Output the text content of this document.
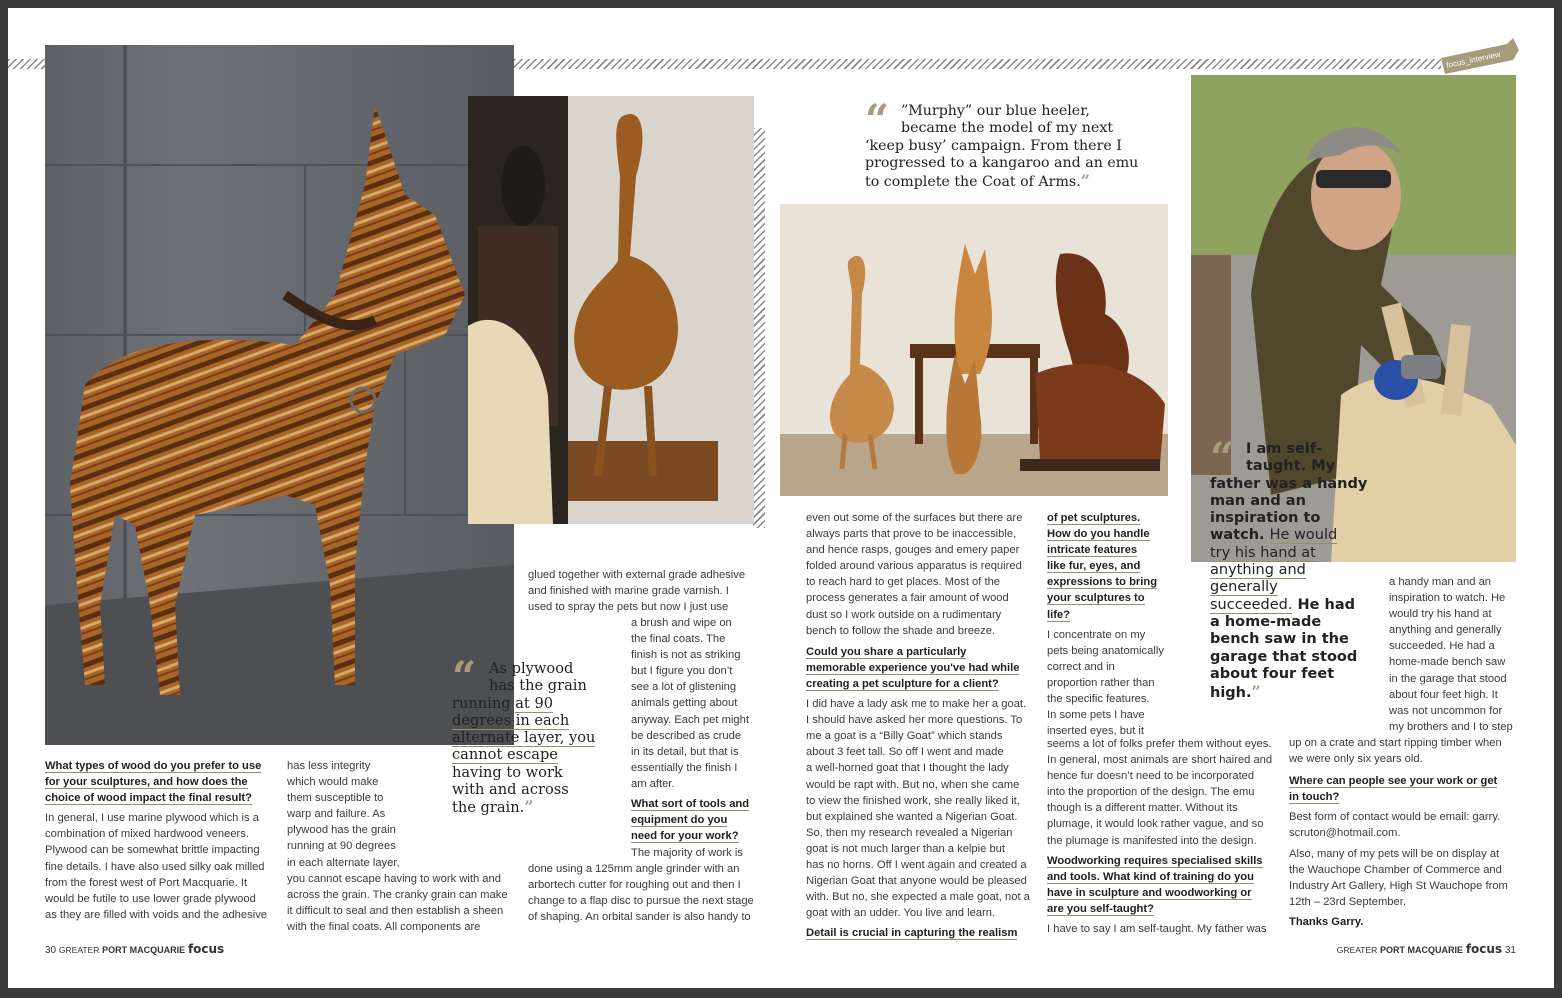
focus_interview
“ ”Murphy” our blue heeler,
became the model of my next
‘keep busy’ campaign. From there I
progressed to a kangaroo and an emu
to complete the Coat of Arms.”
“ As plywood
has the grain
running at 90
degrees in each
alternate layer, you
cannot escape
having to work
with and across
the grain.”
“ I am self-
taught. My
father was a handy
man and an
inspiration to
watch. He would
try his hand at
anything and
generally
succeeded. He had
a home-made
bench saw in the
garage that stood
about four feet
high.”
What types of wood do you prefer to use
for your sculptures, and how does the
choice of wood impact the final result?
In general, I use marine plywood which is a
combination of mixed hardwood veneers.
Plywood can be somewhat brittle impacting
fine details. I have also used silky oak milled
from the forest west of Port Macquarie. It
would be futile to use lower grade plywood
as they are filled with voids and the adhesive
has less integrity
which would make
them susceptible to
warp and failure. As
plywood has the grain
running at 90 degrees
in each alternate layer,
you cannot escape having to work with and
across the grain. The cranky grain can make
it difficult to seal and then establish a sheen
with the final coats. All components are
glued together with external grade adhesive
and finished with marine grade varnish. I
used to spray the pets but now I just use
a brush and wipe on
the final coats. The
finish is not as striking
but I figure you don’t
see a lot of glistening
animals getting about
anyway. Each pet might
be described as crude
in its detail, but that is
essentially the finish I
am after.
What sort of tools and
equipment do you
need for your work?
The majority of work is
done using a 125mm angle grinder with an
arbortech cutter for roughing out and then I
change to a flap disc to pursue the next stage
of shaping. An orbital sander is also handy to
even out some of the surfaces but there are
always parts that prove to be inaccessible,
and hence rasps, gouges and emery paper
folded around various apparatus is required
to reach hard to get places. Most of the
process generates a fair amount of wood
dust so I work outside on a rudimentary
bench to follow the shade and breeze.
Could you share a particularly
memorable experience you've had while
creating a pet sculpture for a client?
I did have a lady ask me to make her a goat.
I should have asked her more questions. To
me a goat is a “Billy Goat” which stands
about 3 feet tall. So off I went and made
a well-horned goat that I thought the lady
would be rapt with. But no, when she came
to view the finished work, she really liked it,
but explained she wanted a Nigerian Goat.
So, then my research revealed a Nigerian
goat is not much larger than a kelpie but
has no horns. Off I went again and created a
Nigerian Goat that anyone would be pleased
with. But no, she expected a male goat, not a
goat with an udder. You live and learn.
Detail is crucial in capturing the realism
of pet sculptures.
How do you handle
intricate features
like fur, eyes, and
expressions to bring
your sculptures to
life?
I concentrate on my
pets being anatomically
correct and in
proportion rather than
the specific features.
In some pets I have
inserted eyes, but it
seems a lot of folks prefer them without eyes.
In general, most animals are short haired and
hence fur doesn’t need to be incorporated
into the proportion of the design. The emu
though is a different matter. Without its
plumage, it would look rather vague, and so
the plumage is manifested into the design.
Woodworking requires specialised skills
and tools. What kind of training do you
have in sculpture and woodworking or
are you self-taught?
I have to say I am self-taught. My father was
a handy man and an
inspiration to watch. He
would try his hand at
anything and generally
succeeded. He had a
home-made bench saw
in the garage that stood
about four feet high. It
was not uncommon for
my brothers and I to step
up on a crate and start ripping timber when
we were only six years old.
Where can people see your work or get
in touch?
Best form of contact would be email: garry.
scruton@hotmail.com.
Also, many of my pets will be on display at
the Wauchope Chamber of Commerce and
Industry Art Gallery, High St Wauchope from
12th – 23rd September.
Thanks Garry.
30 GREATER PORT MACQUARIE focus	GREATER PORT MACQUARIE focus 31
